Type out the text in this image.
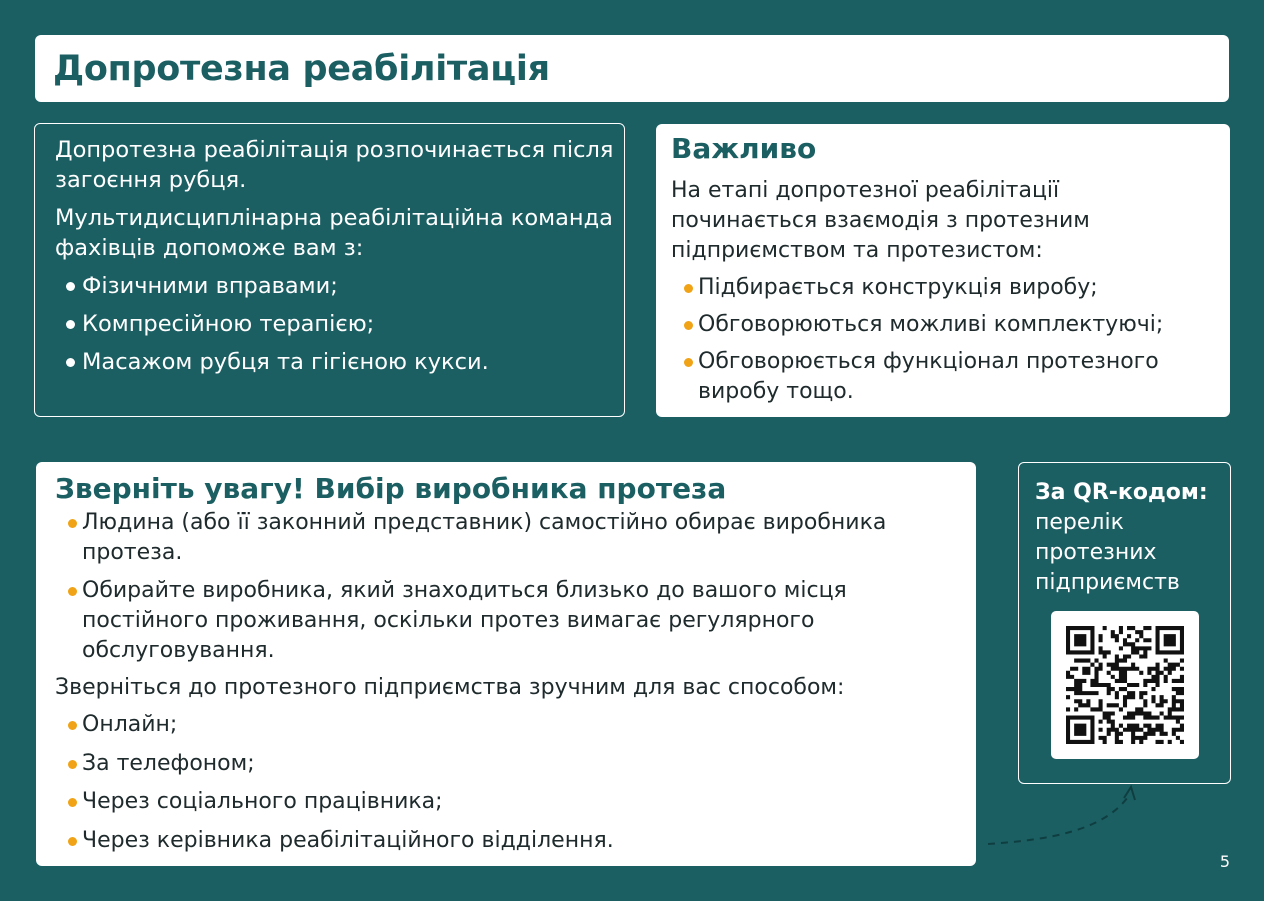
Допротезна реабілітація
Допротезна реабілітація розпочинається після загоєння рубця.
Мультидисциплінарна реабілітаційна команда фахівців допоможе вам з:
Фізичними вправами;
Компресійною терапією;
Масажом рубця та гігієною кукси.
Важливо
На етапі допротезної реабілітації починається взаємодія з протезним підприємством та протезистом:
Підбирається конструкція виробу;
Обговорюються можливі комплектуючі;
Обговорюється функціонал протезного виробу тощо.
Зверніть увагу! Вибір виробника протеза
Людина (або її законний представник) самостійно обирає виробника протеза.
Обирайте виробника, який знаходиться близько до вашого місця постійного проживання, оскільки протез вимагає регулярного обслуговування.
Зверніться до протезного підприємства зручним для вас способом:
Онлайн;
За телефоном;
Через соціального працівника;
Через керівника реабілітаційного відділення.
За QR-кодом:
перелік протезних підприємств
5
